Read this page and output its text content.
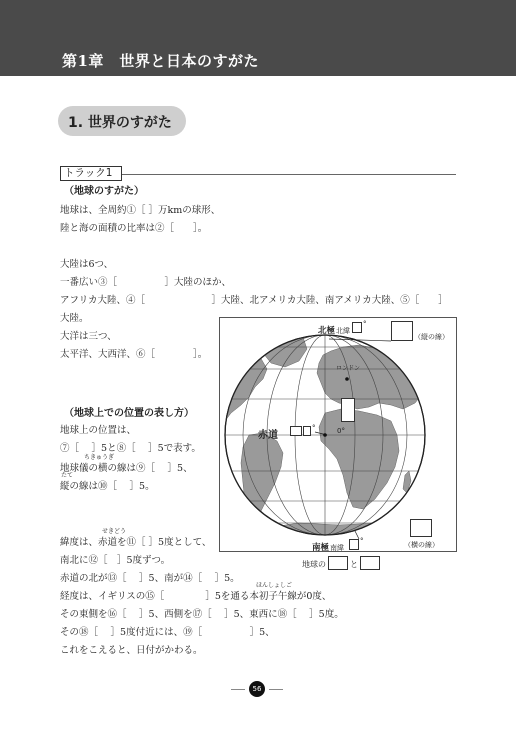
第1章　世界と日本のすがた
1. 世界のすがた
トラック1
（地球のすがた）
地球は、全周約①［ ］万kmの球形、
陸と海の面積の比率は②［　　］。
大陸は6つ、
一番広い③［　　　　　］大陸のほか、
アフリカ大陸、④［　　　　　　　］大陸、北アメリカ大陸、南アメリカ大陸、⑤［　　］
大陸。
大洋は三つ、
太平洋、大西洋、⑥［　　　　］。
（地球上での位置の表し方）
地球上の位置は、
⑦［　 ］5と⑧［　 ］5で表す。
ちきゅうぎ
地球儀の横の線は⑨［　 ］5、
たて
縦の線は⑩［　 ］5。
せきどう
緯度は、赤道を⑪［ ］5度として、
南北に⑫［　］5度ずつ。
赤道の北が⑬［　 ］5、南が⑭［　 ］5。
ほんしょしご
経度は、イギリスの⑮［　　　　 ］5を通る本初子午線が0度、
その東側を⑯［　 ］5、西側を⑰［　 ］5、東西に⑱［　 ］5度。
その⑱［　 ］5度付近には、⑲［　　　　　］5、
これをこえると、日付がかわる。
北極 北緯
°
（縦の線）
ロンドン
赤道
°	0°
（横の線）
南極 南緯
°
地球の	と
56
